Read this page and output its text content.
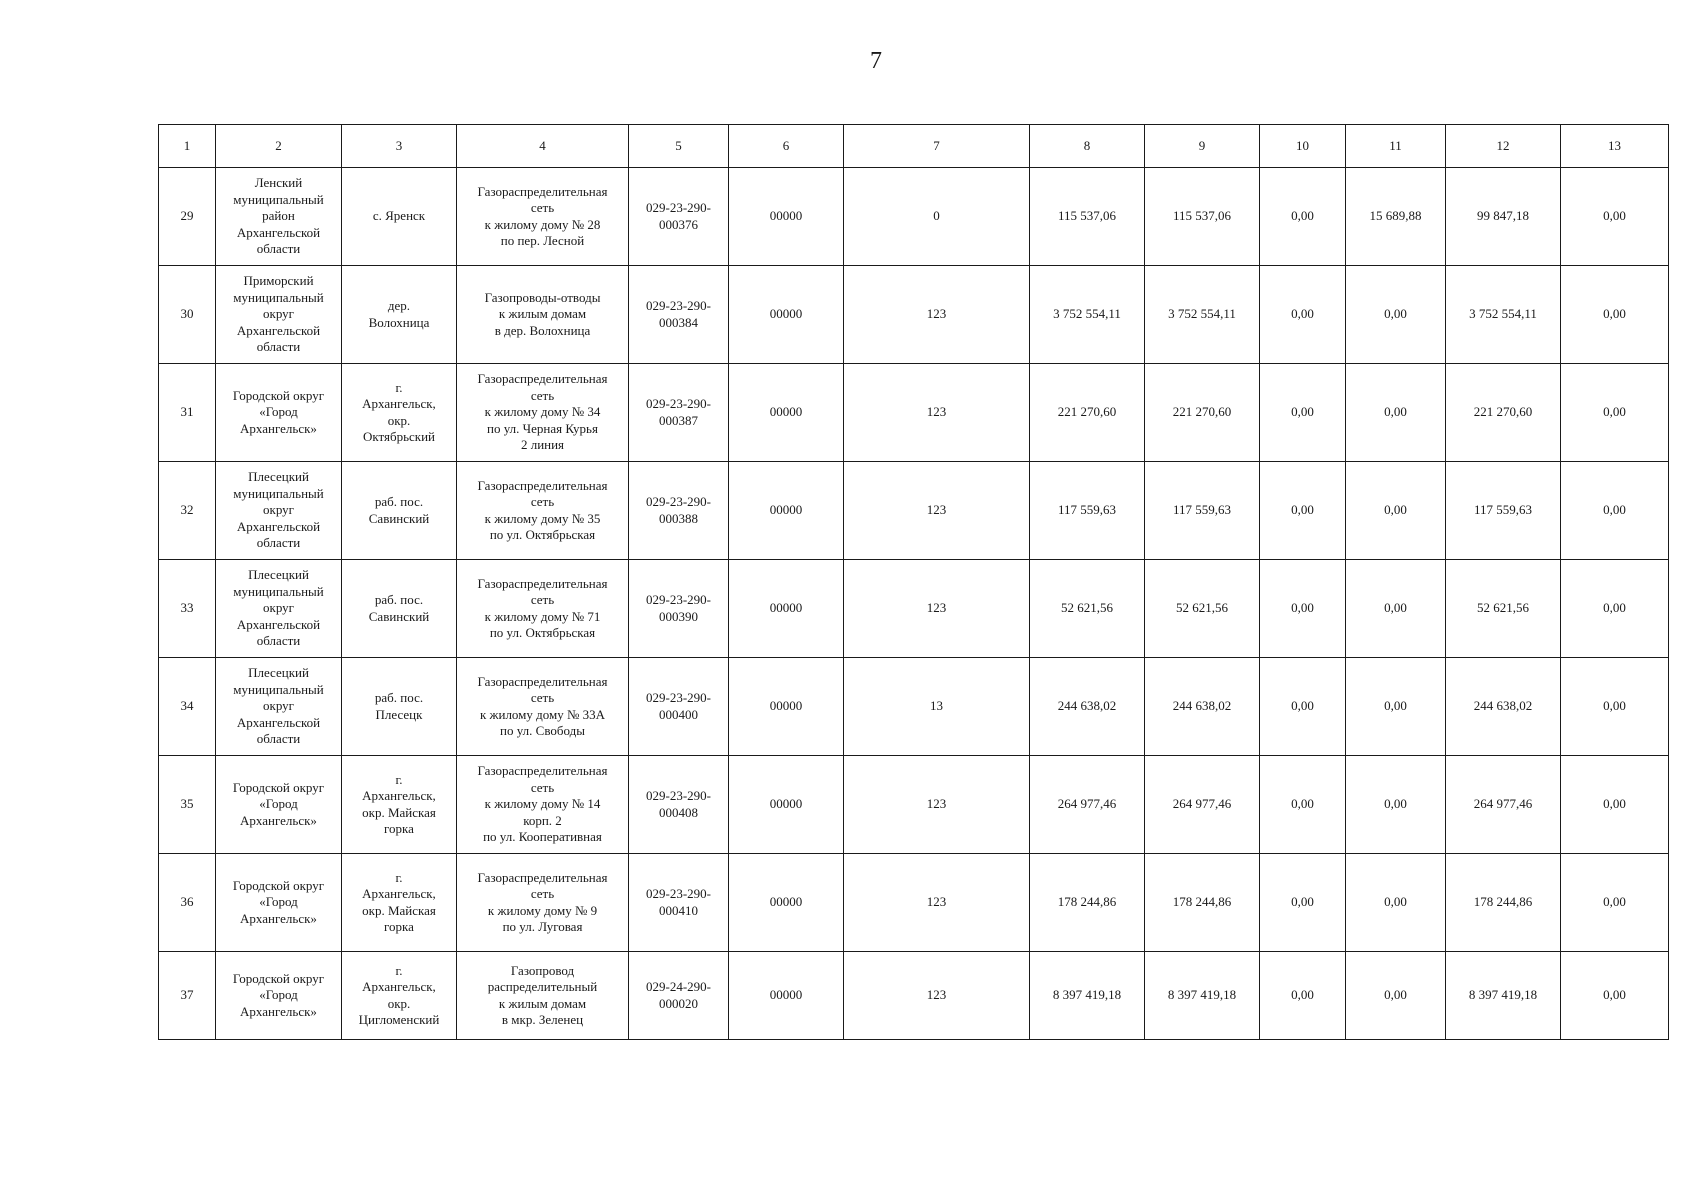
7
1	2	3	4	5	6	7	8	9	10	11	12	13
29	Ленский
муниципальный
район
Архангельской
области	с. Яренск	Газораспределительная
сеть
к жилому дому № 28
по пер. Лесной	029-23-290-
000376	00000	0	115 537,06	115 537,06	0,00	15 689,88	99 847,18	0,00
30	Приморский
муниципальный
округ
Архангельской
области	дер.
Волохница	Газопроводы-отводы
к жилым домам
в дер. Волохница	029-23-290-
000384	00000	123	3 752 554,11	3 752 554,11	0,00	0,00	3 752 554,11	0,00
31	Городской округ
«Город
Архангельск»	г.
Архангельск,
окр.
Октябрьский	Газораспределительная
сеть
к жилому дому № 34
по ул. Черная Курья
2 линия	029-23-290-
000387	00000	123	221 270,60	221 270,60	0,00	0,00	221 270,60	0,00
32	Плесецкий
муниципальный
округ
Архангельской
области	раб. пос.
Савинский	Газораспределительная
сеть
к жилому дому № 35
по ул. Октябрьская	029-23-290-
000388	00000	123	117 559,63	117 559,63	0,00	0,00	117 559,63	0,00
33	Плесецкий
муниципальный
округ
Архангельской
области	раб. пос.
Савинский	Газораспределительная
сеть
к жилому дому № 71
по ул. Октябрьская	029-23-290-
000390	00000	123	52 621,56	52 621,56	0,00	0,00	52 621,56	0,00
34	Плесецкий
муниципальный
округ
Архангельской
области	раб. пос.
Плесецк	Газораспределительная
сеть
к жилому дому № 33А
по ул. Свободы	029-23-290-
000400	00000	13	244 638,02	244 638,02	0,00	0,00	244 638,02	0,00
35	Городской округ
«Город
Архангельск»	г.
Архангельск,
окр. Майская
горка	Газораспределительная
сеть
к жилому дому № 14
корп. 2
по ул. Кооперативная	029-23-290-
000408	00000	123	264 977,46	264 977,46	0,00	0,00	264 977,46	0,00
36	Городской округ
«Город
Архангельск»	г.
Архангельск,
окр. Майская
горка	Газораспределительная
сеть
к жилому дому № 9
по ул. Луговая	029-23-290-
000410	00000	123	178 244,86	178 244,86	0,00	0,00	178 244,86	0,00
37	Городской округ
«Город
Архангельск»	г.
Архангельск,
окр.
Цигломенский	Газопровод
распределительный
к жилым домам
в мкр. Зеленец	029-24-290-
000020	00000	123	8 397 419,18	8 397 419,18	0,00	0,00	8 397 419,18	0,00
